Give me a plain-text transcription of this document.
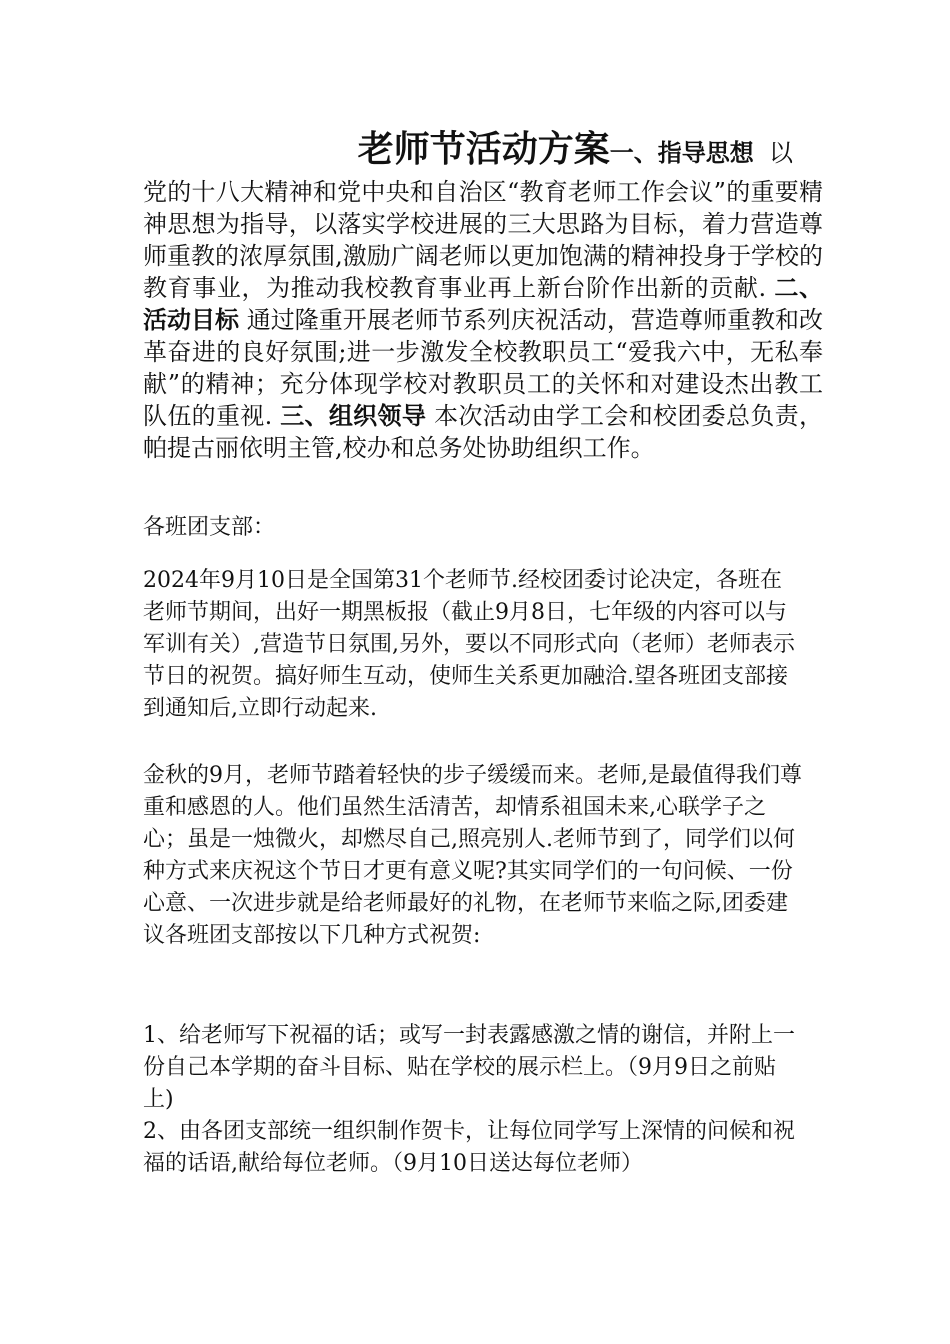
老师节活动方案一、指导思想 以

党的十八大精神和党中央和自治区“教育老师工作会议”的重要精神思想为指导，以落实学校进展的三大思路为目标，着力营造尊师重教的浓厚氛围,激励广阔老师以更加饱满的精神投身于学校的教育事业，为推动我校教育事业再上新台阶作出新的贡献. 二、活动目标 通过隆重开展老师节系列庆祝活动，营造尊师重教和改革奋进的良好氛围;进一步激发全校教职员工“爱我六中，无私奉献”的精神；充分体现学校对教职员工的关怀和对建设杰出教工队伍的重视. 三、组织领导 本次活动由学工会和校团委总负责，帕提古丽依明主管,校办和总务处协助组织工作。

各班团支部：

2024年9月10日是全国第31个老师节.经校团委讨论决定，各班在老师节期间，出好一期黑板报（截止9月8日，七年级的内容可以与军训有关）,营造节日氛围,另外，要以不同形式向（老师）老师表示节日的祝贺。搞好师生互动，使师生关系更加融洽.望各班团支部接到通知后,立即行动起来.

金秋的9月，老师节踏着轻快的步子缓缓而来。老师,是最值得我们尊重和感恩的人。他们虽然生活清苦，却情系祖国未来,心联学子之心；虽是一烛微火，却燃尽自己,照亮别人.老师节到了，同学们以何种方式来庆祝这个节日才更有意义呢?其实同学们的一句问候、一份心意、一次进步就是给老师最好的礼物，在老师节来临之际,团委建议各班团支部按以下几种方式祝贺:

1、给老师写下祝福的话；或写一封表露感激之情的谢信，并附上一份自己本学期的奋斗目标、贴在学校的展示栏上。（9月9日之前贴上)

2、由各团支部统一组织制作贺卡，让每位同学写上深情的问候和祝福的话语,献给每位老师。（9月10日送达每位老师）
